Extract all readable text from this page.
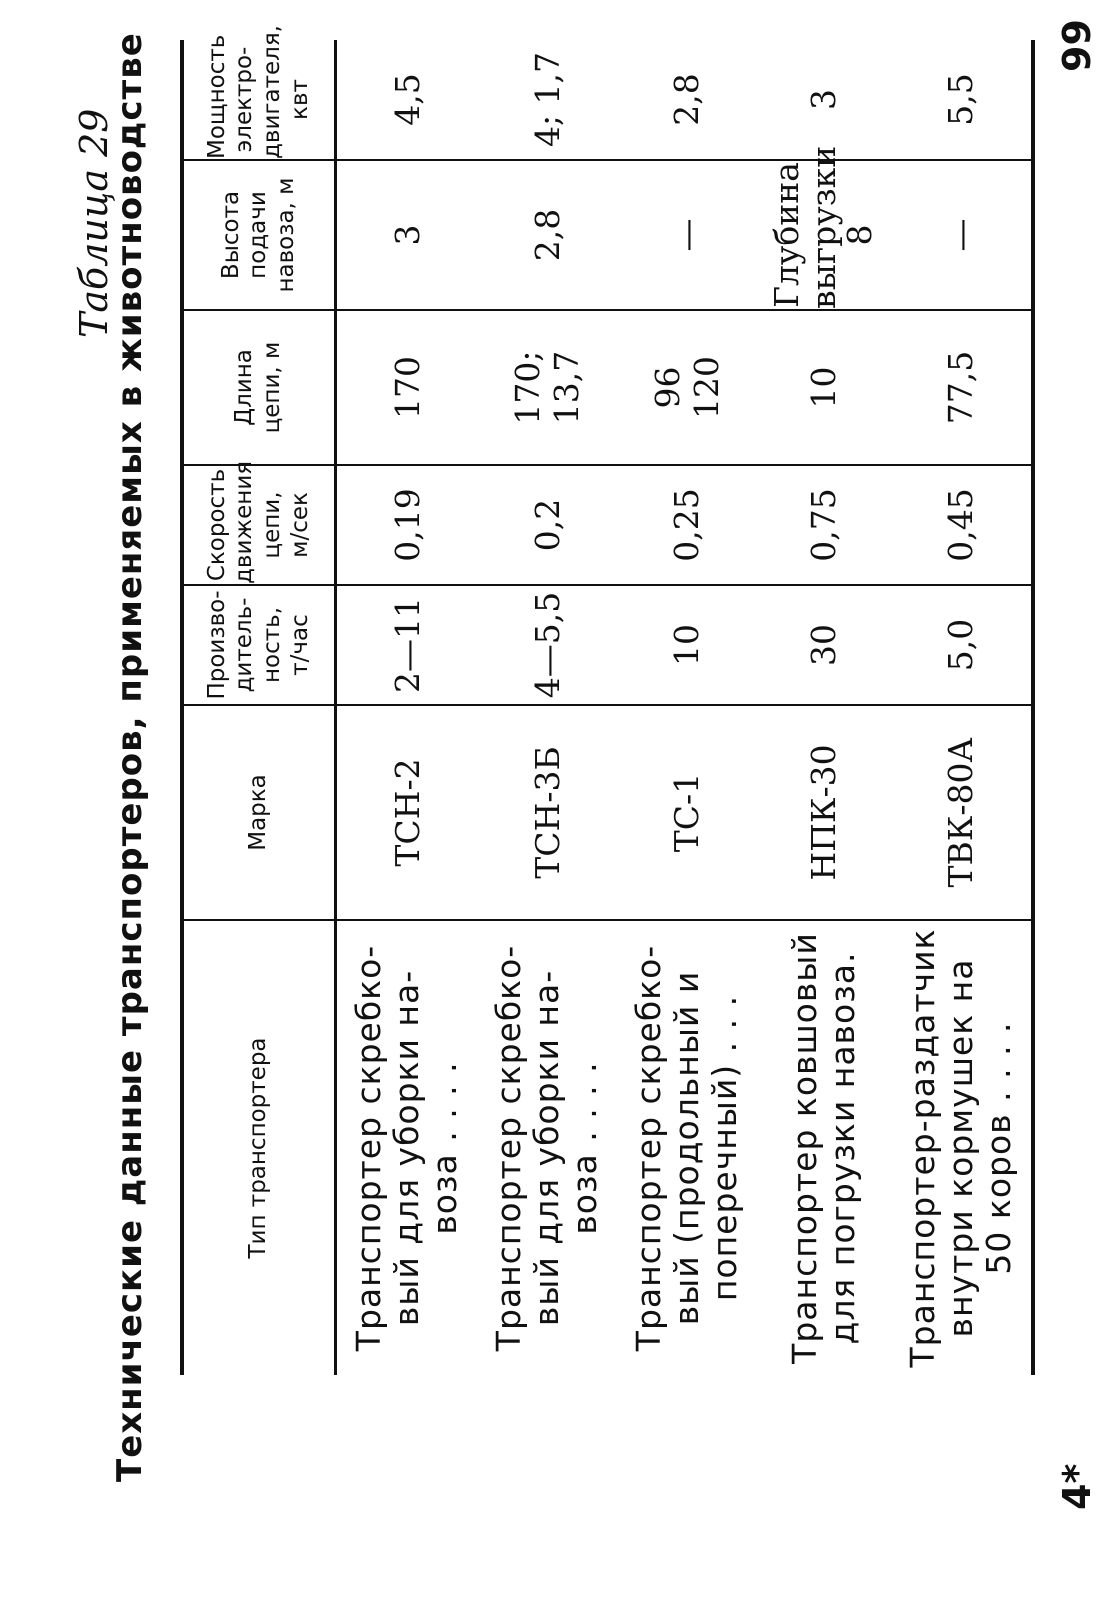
Таблица 29
Технические данные транспортеров, применяемых в животноводстве	Тип транспортера	Марка	Произво-
дитель-
ность,
т/час	Скорость
движения
цепи,
м/сек	Длина
цепи, м	Высота
подачи
навоза, м	Мощность
электро-
двигателя,
квт
Транспортер скребко-
вый для уборки на-
воза . . . .	ТСН-2	2—11	0,19	170	3	4,5
Транспортер скребко-
вый для уборки на-
воза . . . .	ТСН-3Б	4—5,5	0,2	170; 13,7	2,8	4; 1,7
Транспортер скребко-
вый (продольный и
поперечный) . . .	ТС-1	10	0,25	96
120	—	2,8
Транспортер ковшовый
для погрузки навоза.	НПК-30	30	0,75	10	Глубина
выгрузки
8	3
Транспортер-раздатчик
внутри кормушек на
50 коров . . . .	ТВК-80А	5,0	0,45	77,5	—	5,5
4*
99
